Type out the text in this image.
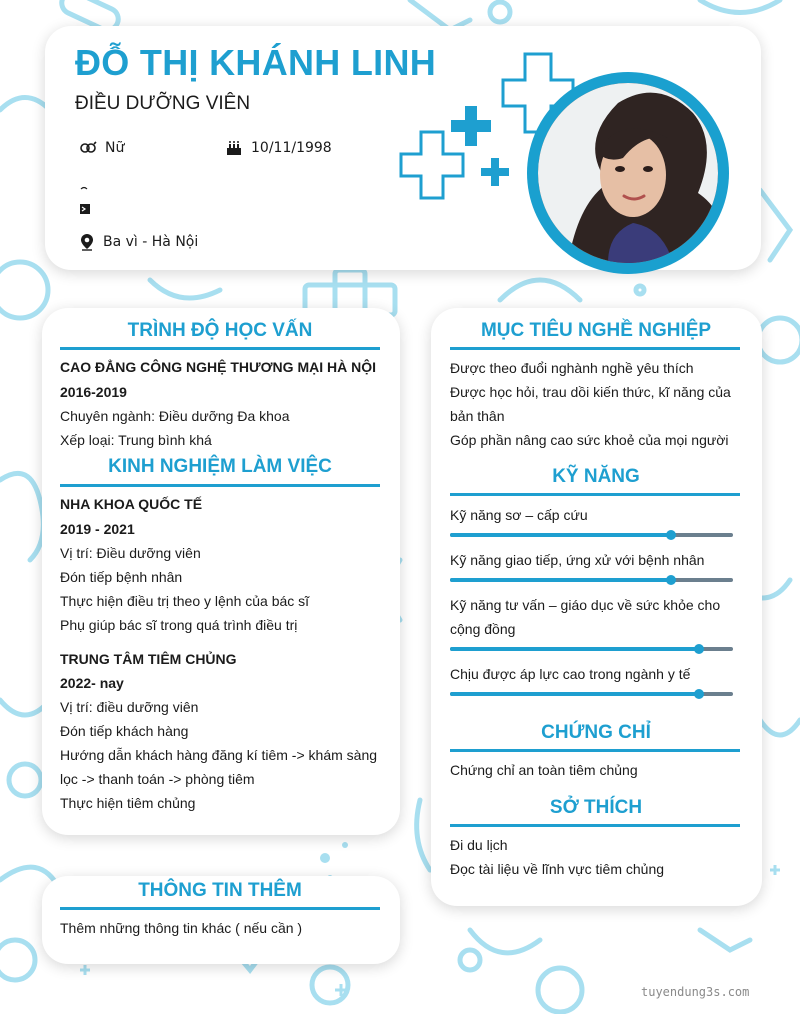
ĐỖ THỊ KHÁNH LINH
ĐIỀU DƯỠNG VIÊN
Nữ	10/11/1998
Ba vì - Hà Nội
TRÌNH ĐỘ HỌC VẤN
CAO ĐẲNG CÔNG NGHỆ THƯƠNG MẠI HÀ NỘI
2016-2019
Chuyên ngành: Điều dưỡng Đa khoa
Xếp loại: Trung bình khá
KINH NGHIỆM LÀM VIỆC
NHA KHOA QUỐC TẾ
2019 - 2021
Vị trí: Điều dưỡng viên
Đón tiếp bệnh nhân
Thực hiện điều trị theo y lệnh của bác sĩ
Phụ giúp bác sĩ trong quá trình điều trị
TRUNG TÂM TIÊM CHỦNG
2022- nay
Vị trí: điều dưỡng viên
Đón tiếp khách hàng
Hướng dẫn khách hàng đăng kí tiêm -> khám sàng
lọc -> thanh toán -> phòng tiêm
Thực hiện tiêm chủng
THÔNG TIN THÊM
Thêm những thông tin khác ( nếu cần )
MỤC TIÊU NGHỀ NGHIỆP
Được theo đuổi nghành nghề yêu thích
Được học hỏi, trau dồi kiến thức, kĩ năng của
bản thân
Góp phần nâng cao sức khoẻ của mọi người
KỸ NĂNG
Kỹ năng sơ – cấp cứu
Kỹ năng giao tiếp, ứng xử với bệnh nhân
Kỹ năng tư vấn – giáo dục về sức khỏe cho
cộng đồng
Chịu được áp lực cao trong ngành y tế
CHỨNG CHỈ
Chứng chỉ an toàn tiêm chủng
SỞ THÍCH
Đi du lịch
Đọc tài liệu về lĩnh vực tiêm chủng
tuyendung3s.com
